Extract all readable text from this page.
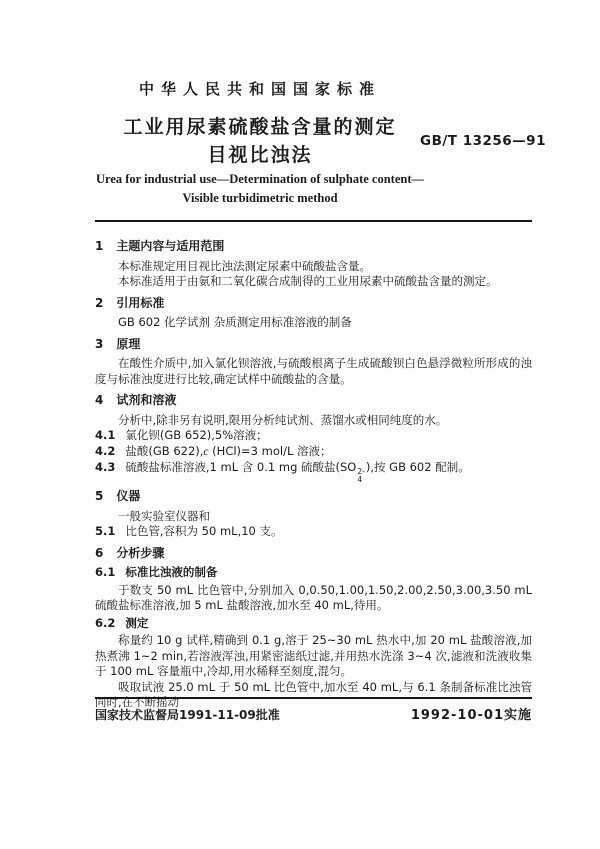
中华人民共和国国家标准
工业用尿素硫酸盐含量的测定
目视比浊法
GB/T 13256—91
Urea for industrial use—Determination of sulphate content—
Visible turbidimetric method
1 主题内容与适用范围

本标准规定用目视比浊法测定尿素中硫酸盐含量。

本标准适用于由氨和二氧化碳合成制得的工业用尿素中硫酸盐含量的测定。

2 引用标准

GB 602 化学试剂 杂质测定用标准溶液的制备

3 原理

在酸性介质中,加入氯化钡溶液,与硫酸根离子生成硫酸钡白色悬浮微粒所形成的浊度与标准浊度进行比较,确定试样中硫酸盐的含量。

4 试剂和溶液

分析中,除非另有说明,限用分析纯试剂、蒸馏水或相同纯度的水。

4.1 氯化钡(GB 652),5%溶液；

4.2 盐酸(GB 622),c (HCl)=3 mol/L 溶液；

4.3 硫酸盐标准溶液,1 mL 含 0.1 mg 硫酸盐(SO 2-
4
),按 GB 602 配制。

5 仪器

一般实验室仪器和

5.1 比色管,容积为 50 mL,10 支。

6 分析步骤
6.1 标准比浊液的制备

于数支 50 mL 比色管中,分别加入 0,0.50,1.00,1.50,2.00,2.50,3.00,3.50 mL 硫酸盐标准溶液,加 5 mL 盐酸溶液,加水至 40 mL,待用。

6.2 测定

称量约 10 g 试样,精确到 0.1 g,溶于 25~30 mL 热水中,加 20 mL 盐酸溶液,加热煮沸 1~2 min,若溶液浑浊,用紧密滤纸过滤,并用热水洗涤 3~4 次,滤液和洗液收集于 100 mL 容量瓶中,冷却,用水稀释至刻度,混匀。

吸取试液 25.0 mL 于 50 mL 比色管中,加水至 40 mL,与 6.1 条制备标准比浊管同时,在不断摇动

国家技术监督局1991-11-09批准	1992-10-01实施
